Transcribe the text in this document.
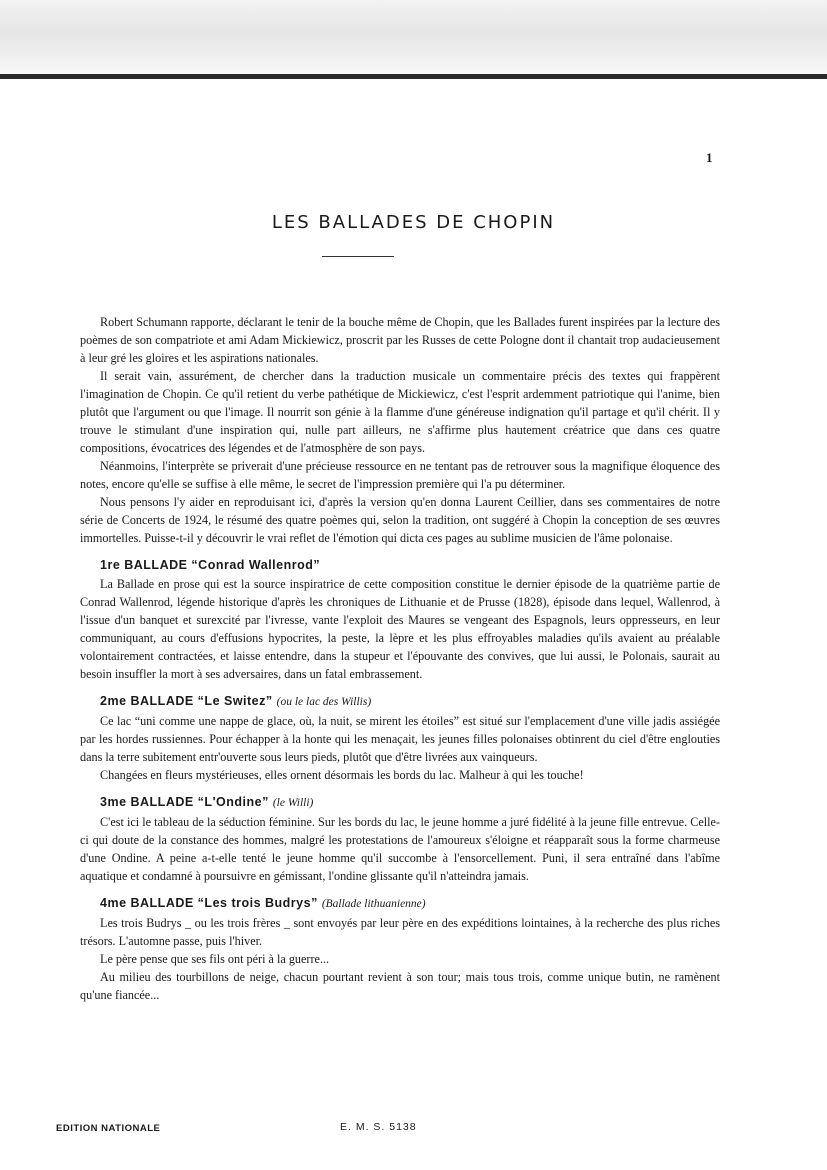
1
LES BALLADES DE CHOPIN

Robert Schumann rapporte, déclarant le tenir de la bouche même de Chopin, que les Ballades furent inspirées par la lecture des poèmes de son compatriote et ami Adam Mickiewicz, proscrit par les Russes de cette Pologne dont il chantait trop audacieusement à leur gré les gloires et les aspirations nationales.

Il serait vain, assurément, de chercher dans la traduction musicale un commentaire précis des textes qui frappèrent l'imagination de Chopin. Ce qu'il retient du verbe pathétique de Mickiewicz, c'est l'esprit ardemment patriotique qui l'anime, bien plutôt que l'argument ou que l'image. Il nourrit son génie à la flamme d'une généreuse indignation qu'il partage et qu'il chérit. Il y trouve le stimulant d'une inspiration qui, nulle part ailleurs, ne s'affirme plus hautement créatrice que dans ces quatre compositions, évocatrices des légendes et de l'atmosphère de son pays.

Néanmoins, l'interprète se priverait d'une précieuse ressource en ne tentant pas de retrouver sous la magnifique éloquence des notes, encore qu'elle se suffise à elle même, le secret de l'impression première qui l'a pu déterminer.

Nous pensons l'y aider en reproduisant ici, d'après la version qu'en donna Laurent Ceillier, dans ses commentaires de notre série de Concerts de 1924, le résumé des quatre poèmes qui, selon la tradition, ont suggéré à Chopin la conception de ses œuvres immortelles. Puisse-t-il y découvrir le vrai reflet de l'émotion qui dicta ces pages au sublime musicien de l'âme polonaise.

1re BALLADE “Conrad Wallenrod”

La Ballade en prose qui est la source inspiratrice de cette composition constitue le dernier épisode de la quatrième partie de Conrad Wallenrod, légende historique d'après les chroniques de Lithuanie et de Prusse (1828), épisode dans lequel, Wallenrod, à l'issue d'un banquet et surexcité par l'ivresse, vante l'exploit des Maures se vengeant des Espagnols, leurs oppresseurs, en leur communiquant, au cours d'effusions hypocrites, la peste, la lèpre et les plus effroyables maladies qu'ils avaient au préalable volontairement contractées, et laisse entendre, dans la stupeur et l'épouvante des convives, que lui aussi, le Polonais, saurait au besoin insuffler la mort à ses adversaires, dans un fatal embrassement.

2me BALLADE “Le Switez” (ou le lac des Willis)

Ce lac “uni comme une nappe de glace, où, la nuit, se mirent les étoiles” est situé sur l'emplacement d'une ville jadis assiégée par les hordes russiennes. Pour échapper à la honte qui les menaçait, les jeunes filles polonaises obtinrent du ciel d'être englouties dans la terre subitement entr'ouverte sous leurs pieds, plutôt que d'être livrées aux vainqueurs.

Changées en fleurs mystérieuses, elles ornent désormais les bords du lac. Malheur à qui les touche!

3me BALLADE “L'Ondine” (le Willi)

C'est ici le tableau de la séduction féminine. Sur les bords du lac, le jeune homme a juré fidélité à la jeune fille entrevue. Celle-ci qui doute de la constance des hommes, malgré les protestations de l'amoureux s'éloigne et réapparaît sous la forme charmeuse d'une Ondine. A peine a-t-elle tenté le jeune homme qu'il succombe à l'ensorcellement. Puni, il sera entraîné dans l'abîme aquatique et condamné à poursuivre en gémissant, l'ondine glissante qu'il n'atteindra jamais.

4me BALLADE “Les trois Budrys” (Ballade lithuanienne)

Les trois Budrys _ ou les trois frères _ sont envoyés par leur père en des expéditions lointaines, à la recherche des plus riches trésors. L'automne passe, puis l'hiver.

Le père pense que ses fils ont péri à la guerre...

Au milieu des tourbillons de neige, chacun pourtant revient à son tour; mais tous trois, comme unique butin, ne ramènent qu'une fiancée...

EDITION NATIONALE	E. M. S. 5138
